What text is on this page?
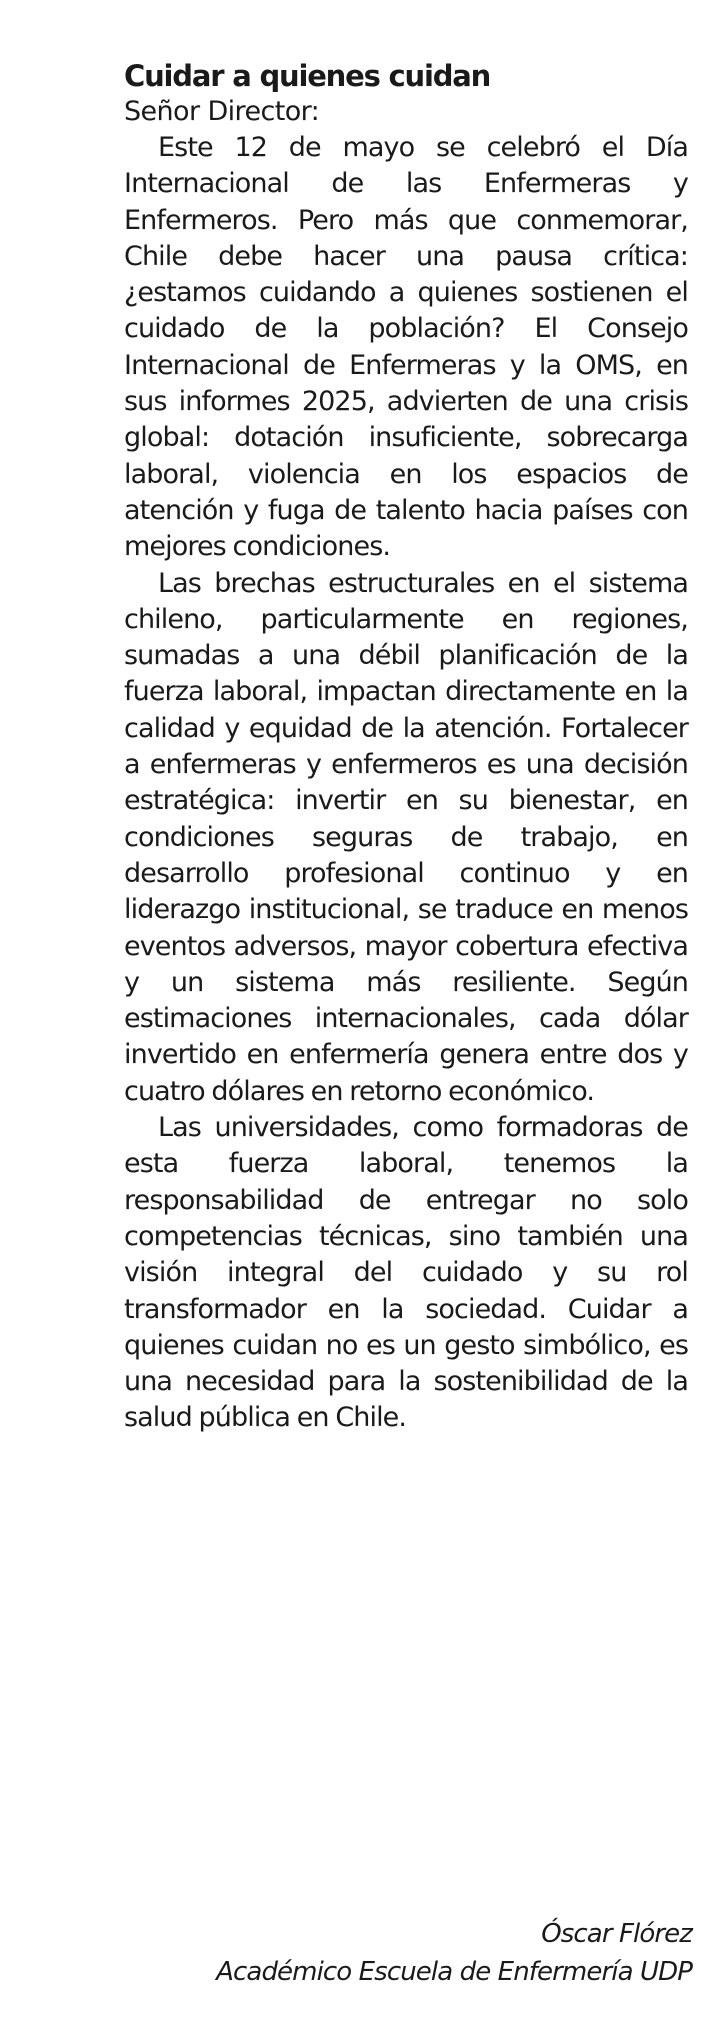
Cuidar a quienes cuidan

Señor Director:

Este 12 de mayo se celebró el Día Internacional de las Enfermeras y Enfermeros. Pero más que conmemorar, Chile debe hacer una pausa crítica: ¿estamos cuidando a quienes sostienen el cuidado de la población? El Consejo Internacional de Enfermeras y la OMS, en sus informes 2025, advierten de una crisis global: dotación insuficiente, sobrecarga laboral, violencia en los espacios de atención y fuga de talento hacia países con mejores condiciones.

Las brechas estructurales en el sistema chileno, particularmente en regiones, sumadas a una débil planificación de la fuerza laboral, impactan directamente en la calidad y equidad de la atención. Fortalecer a enfermeras y enfermeros es una decisión estratégica: invertir en su bienestar, en condiciones seguras de trabajo, en desarrollo profesional continuo y en liderazgo institucional, se traduce en menos eventos adversos, mayor cobertura efectiva y un sistema más resiliente. Según estimaciones internacionales, cada dólar invertido en enfermería genera entre dos y cuatro dólares en retorno económico.

Las universidades, como formadoras de esta fuerza laboral, tenemos la responsabilidad de entregar no solo competencias técnicas, sino también una visión integral del cuidado y su rol transformador en la sociedad. Cuidar a quienes cuidan no es un gesto simbólico, es una necesidad para la sostenibilidad de la salud pública en Chile.

Óscar Flórez
Académico Escuela de Enfermería UDP
